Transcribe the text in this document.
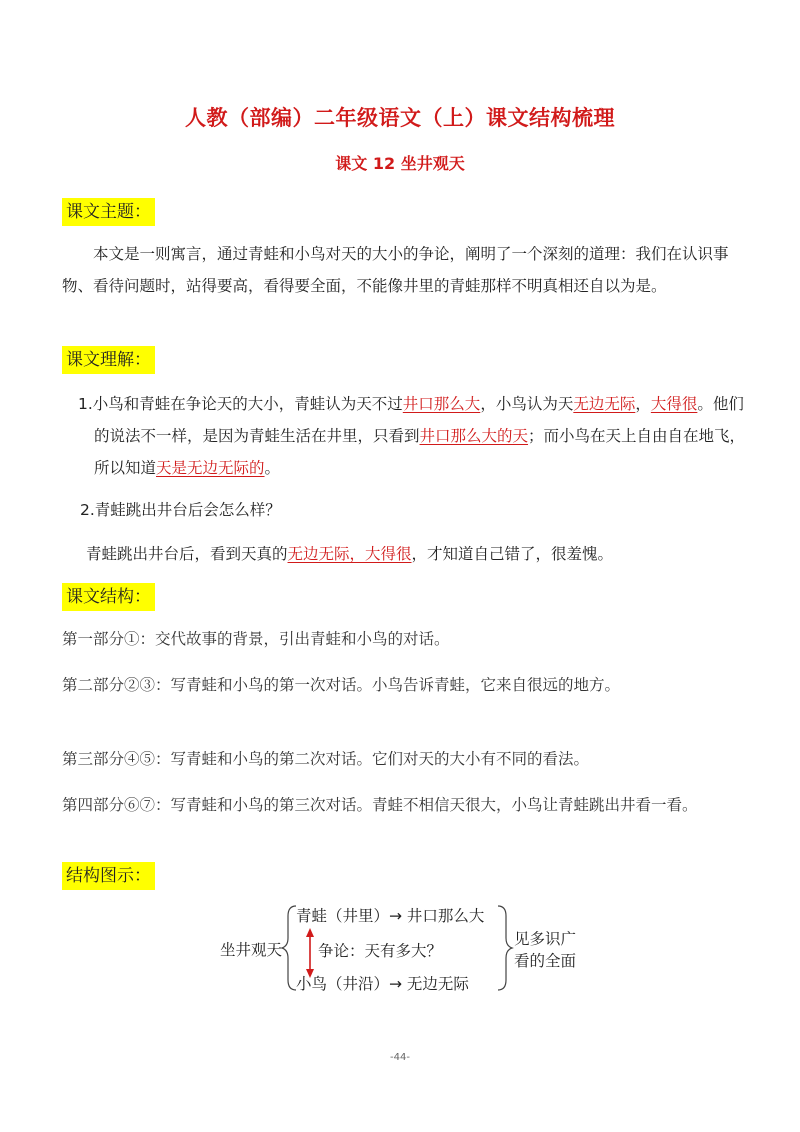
人教（部编）二年级语文（上）课文结构梳理
课文 12 坐井观天
课文主题：
本文是一则寓言，通过青蛙和小鸟对天的大小的争论，阐明了一个深刻的道理：我们在认识事物、看待问题时，站得要高，看得要全面，不能像井里的青蛙那样不明真相还自以为是。
课文理解：
1.小鸟和青蛙在争论天的大小，青蛙认为天不过井口那么大，小鸟认为天无边无际，大得很。他们的说法不一样，是因为青蛙生活在井里，只看到井口那么大的天；而小鸟在天上自由自在地飞，所以知道天是无边无际的。
2.青蛙跳出井台后会怎么样？
青蛙跳出井台后，看到天真的无边无际，大得很，才知道自己错了，很羞愧。
课文结构：
第一部分①：交代故事的背景，引出青蛙和小鸟的对话。
第二部分②③： 写青蛙和小鸟的第一次对话。小鸟告诉青蛙，它来自很远的地方。
第三部分④⑤：写青蛙和小鸟的第二次对话。它们对天的大小有不同的看法。
第四部分⑥⑦： 写青蛙和小鸟的第三次对话。青蛙不相信天很大，小鸟让青蛙跳出井看一看。
结构图示：
坐井观天
青蛙（井里）→ 井口那么大
争论：天有多大？
小鸟（井沿）→ 无边无际
见多识广
看的全面
-44-
